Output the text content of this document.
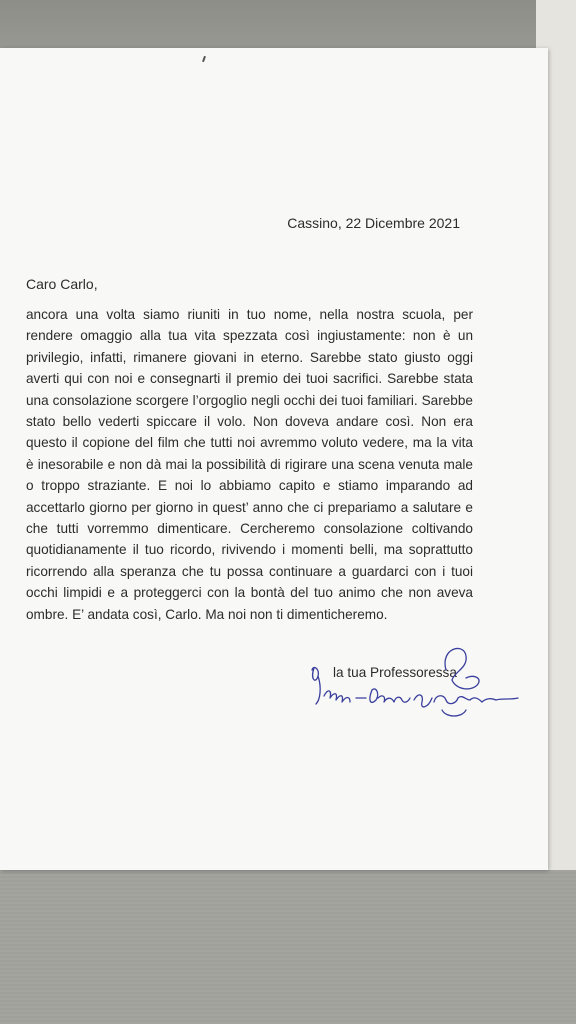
Cassino, 22 Dicembre 2021
Caro Carlo,

ancora una volta siamo riuniti in tuo nome, nella nostra scuola, per
rendere omaggio alla tua vita spezzata così ingiustamente: non è un
privilegio, infatti, rimanere giovani in eterno. Sarebbe stato giusto oggi
averti qui con noi e consegnarti il premio dei tuoi sacrifici. Sarebbe stata
una consolazione scorgere l’orgoglio negli occhi dei tuoi familiari. Sarebbe
stato bello vederti spiccare il volo. Non doveva andare così. Non era
questo il copione del film che tutti noi avremmo voluto vedere, ma la vita
è inesorabile e non dà mai la possibilità di rigirare una scena venuta male
o troppo straziante. E noi lo abbiamo capito e stiamo imparando ad
accettarlo giorno per giorno in quest’ anno che ci prepariamo a salutare e
che tutti vorremmo dimenticare. Cercheremo consolazione coltivando
quotidianamente il tuo ricordo, rivivendo i momenti belli, ma soprattutto
ricorrendo alla speranza che tu possa continuare a guardarci con i tuoi
occhi limpidi e a proteggerci con la bontà del tuo animo che non aveva
ombre. E’ andata così, Carlo. Ma noi non ti dimenticheremo.

la tua Professoressa
